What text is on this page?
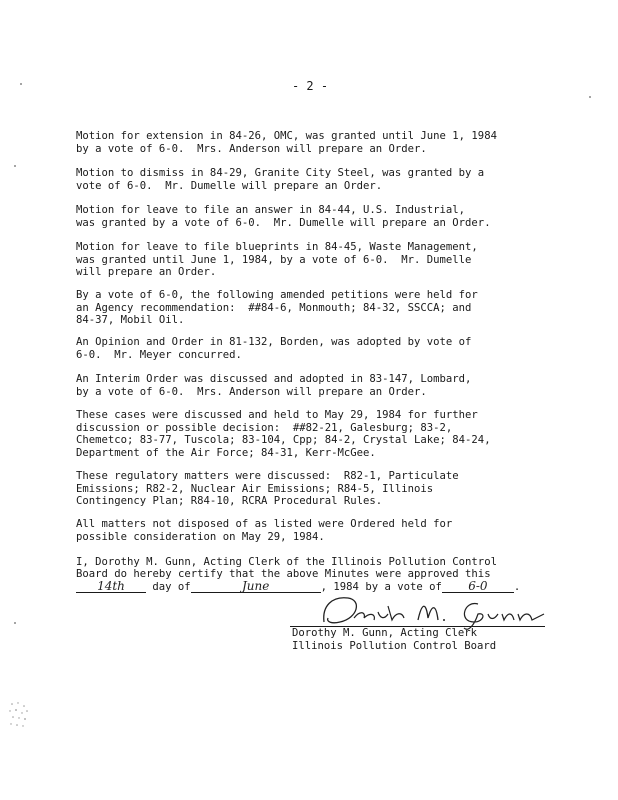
- 2 -
Motion for extension in 84-26, OMC, was granted until June 1, 1984
by a vote of 6-0.  Mrs. Anderson will prepare an Order.
Motion to dismiss in 84-29, Granite City Steel, was granted by a
vote of 6-0.  Mr. Dumelle will prepare an Order.
Motion for leave to file an answer in 84-44, U.S. Industrial,
was granted by a vote of 6-0.  Mr. Dumelle will prepare an Order.
Motion for leave to file blueprints in 84-45, Waste Management,
was granted until June 1, 1984, by a vote of 6-0.  Mr. Dumelle
will prepare an Order.
By a vote of 6-0, the following amended petitions were held for
an Agency recommendation:  ##84-6, Monmouth; 84-32, SSCCA; and
84-37, Mobil Oil.
An Opinion and Order in 81-132, Borden, was adopted by vote of
6-0.  Mr. Meyer concurred.
An Interim Order was discussed and adopted in 83-147, Lombard,
by a vote of 6-0.  Mrs. Anderson will prepare an Order.
These cases were discussed and held to May 29, 1984 for further
discussion or possible decision:  ##82-21, Galesburg; 83-2,
Chemetco; 83-77, Tuscola; 83-104, Cpp; 84-2, Crystal Lake; 84-24,
Department of the Air Force; 84-31, Kerr-McGee.
These regulatory matters were discussed:  R82-1, Particulate
Emissions; R82-2, Nuclear Air Emissions; R84-5, Illinois
Contingency Plan; R84-10, RCRA Procedural Rules.
All matters not disposed of as listed were Ordered held for
possible consideration on May 29, 1984.
I, Dorothy M. Gunn, Acting Clerk of the Illinois Pollution Control
Board do hereby certify that the above Minutes were approved this
14th	day of	June	, 1984 by a vote of 6-0 .
Dorothy M. Gunn, Acting Clerk
Illinois Pollution Control Board
